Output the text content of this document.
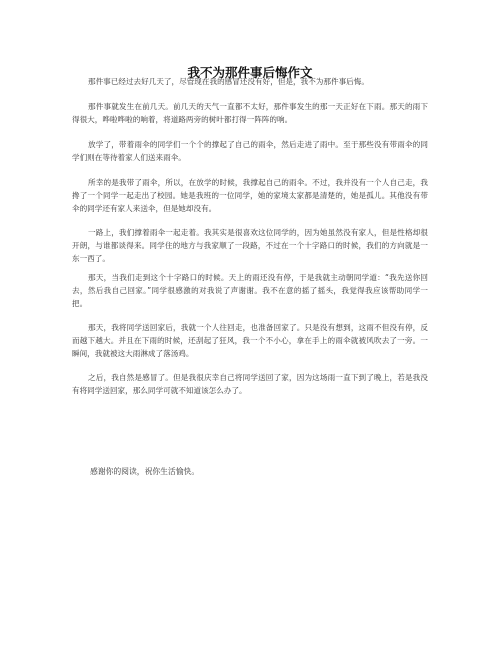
我不为那件事后悔作文

那件事已经过去好几天了，尽管现在我的感冒还没有好，但是，我不为那件事后悔。

那件事就发生在前几天。前几天的天气一直都不太好，那件事发生的那一天正好在下雨。那天的雨下得很大，哗啦哗啦的响着，将道路两旁的树叶都打得一阵阵的响。

放学了，带着雨伞的同学们一个个的撑起了自己的雨伞，然后走进了雨中。至于那些没有带雨伞的同学们则在等待着家人们送来雨伞。

所幸的是我带了雨伞，所以，在放学的时候，我撑起自己的雨伞。不过，我并没有一个人自己走，我搀了一个同学一起走出了校园。她是我班的一位同学，她的家境太家都是清楚的，她是孤儿。其他没有带伞的同学还有家人来送伞，但是她却没有。

一路上，我们撑着雨伞一起走着。我其实是很喜欢这位同学的，因为她虽然没有家人，但是性格却很开朗，与谁都谈得来。同学住的地方与我家顺了一段路，不过在一个十字路口的时候，我们的方向就是一东一西了。

那天，当我们走到这个十字路口的时候。天上的雨还没有停，于是我就主动朝同学道：“我先送你回去，然后我自己回家。”同学很感激的对我说了声谢谢。我不在意的摇了摇头，我觉得我应该帮助同学一把。

那天，我将同学送回家后，我就一个人往回走，也准备回家了。只是没有想到，这雨不但没有停，反而越下越大。并且在下雨的时候，还刮起了狂风，我一个不小心，拿在手上的雨伞就被风吹去了一旁。一瞬间，我就被这大雨淋成了落汤鸡。

之后，我自然是感冒了。但是我很庆幸自己将同学送回了家，因为这场雨一直下到了晚上，若是我没有将同学送回家，那么同学可就不知道该怎么办了。

感谢你的阅读，祝你生活愉快。
